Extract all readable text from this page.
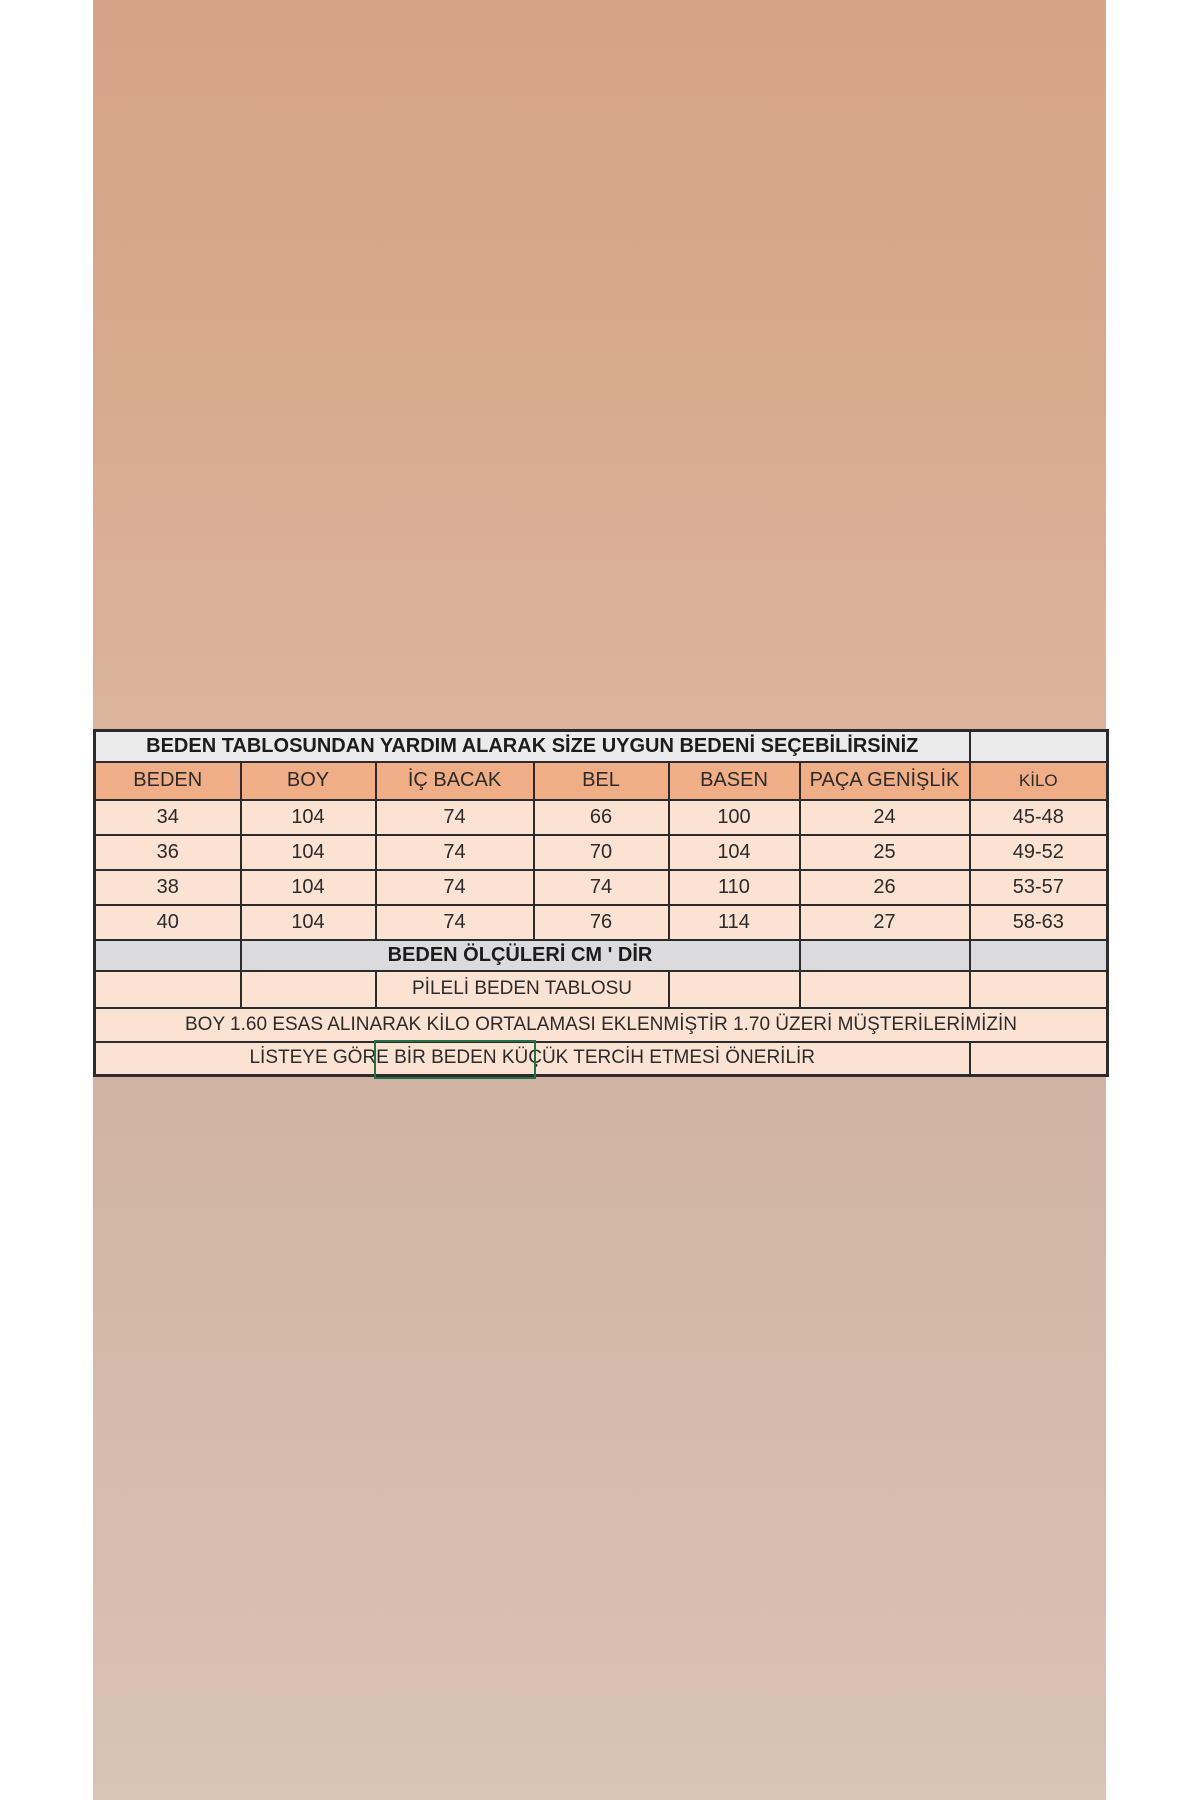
BEDEN TABLOSUNDAN YARDIM ALARAK SİZE UYGUN BEDENİ SEÇEBİLİRSİNİZ						
BEDEN	BOY	İÇ BACAK	BEL	BASEN	PAÇA GENİŞLİK	KİLO
34	104	74	66	100	24	45-48
36	104	74	70	104	25	49-52
38	104	74	74	110	26	53-57
40	104	74	76	114	27	58-63
	BEDEN ÖLÇÜLERİ CM ' DİR					
		PİLELİ BEDEN TABLOSU				
BOY 1.60 ESAS ALINARAK KİLO ORTALAMASI EKLENMİŞTİR 1.70 ÜZERİ MÜŞTERİLERİMİZİN						
LİSTEYE GÖRE BİR BEDEN KÜÇÜK TERCİH ETMESİ ÖNERİLİR						
